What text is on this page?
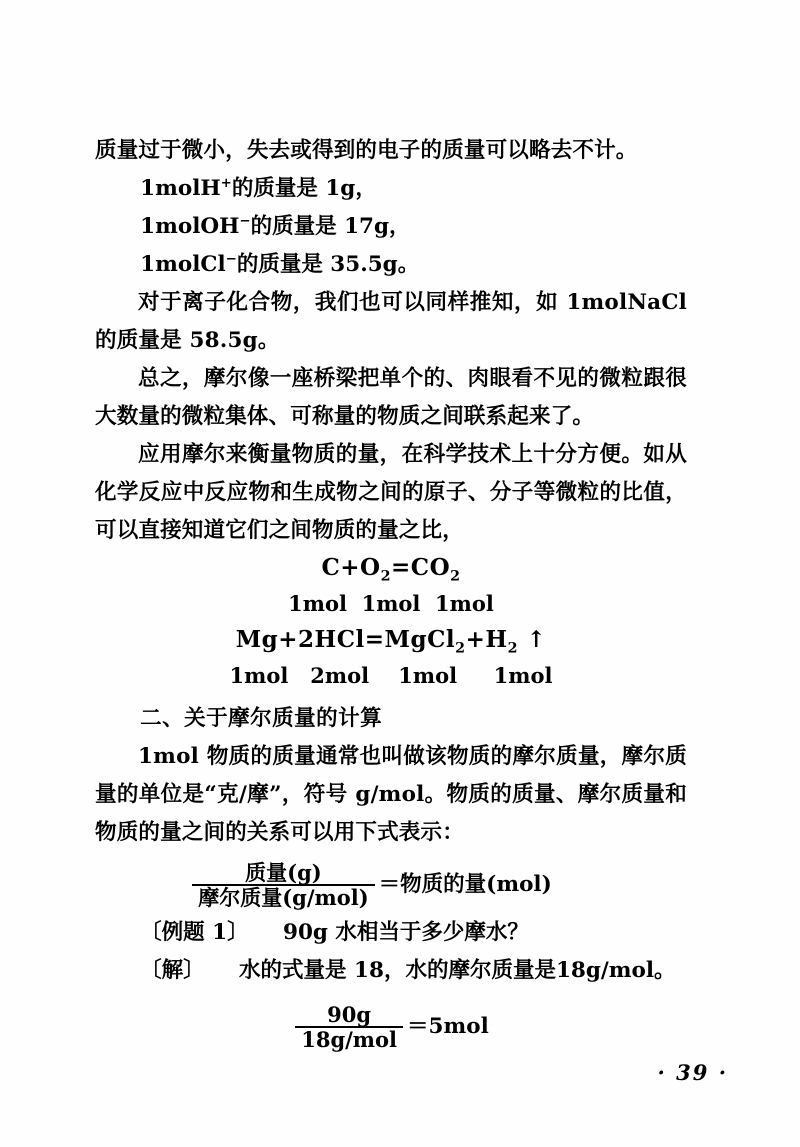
质量过于微小，失去或得到的电子的质量可以略去不计。

1molH+的质量是 1g，
1molOH−的质量是 17g，
1molCl−的质量是 35.5g。

对于离子化合物，我们也可以同样推知，如 1molNaCl的质量是 58.5g。

总之，摩尔像一座桥梁把单个的、肉眼看不见的微粒跟很大数量的微粒集体、可称量的物质之间联系起来了。

应用摩尔来衡量物质的量，在科学技术上十分方便。如从化学反应中反应物和生成物之间的原子、分子等微粒的比值，可以直接知道它们之间物质的量之比，

$C+O_2=CO_2$
1mol  1mol  1mol
$Mg+2HCl=MgCl_2+H_2$ ↑
1mol   2mol    1mol     1mol

二、关于摩尔质量的计算

1mol 物质的质量通常也叫做该物质的摩尔质量，摩尔质量的单位是“克/摩”，符号 g/mol。物质的质量、摩尔质量和物质的量之间的关系可以用下式表示：

$\frac{\text{质量(g)}}{\text{摩尔质量(g/mol)}}$ ＝物质的量(mol)

〔例题 1〕 90g 水相当于多少摩水？

〔解〕 水的式量是 18，水的摩尔质量是18g/mol。

$\frac{90g}{\text{18g/mol}} =5mol$
· 39 ·
